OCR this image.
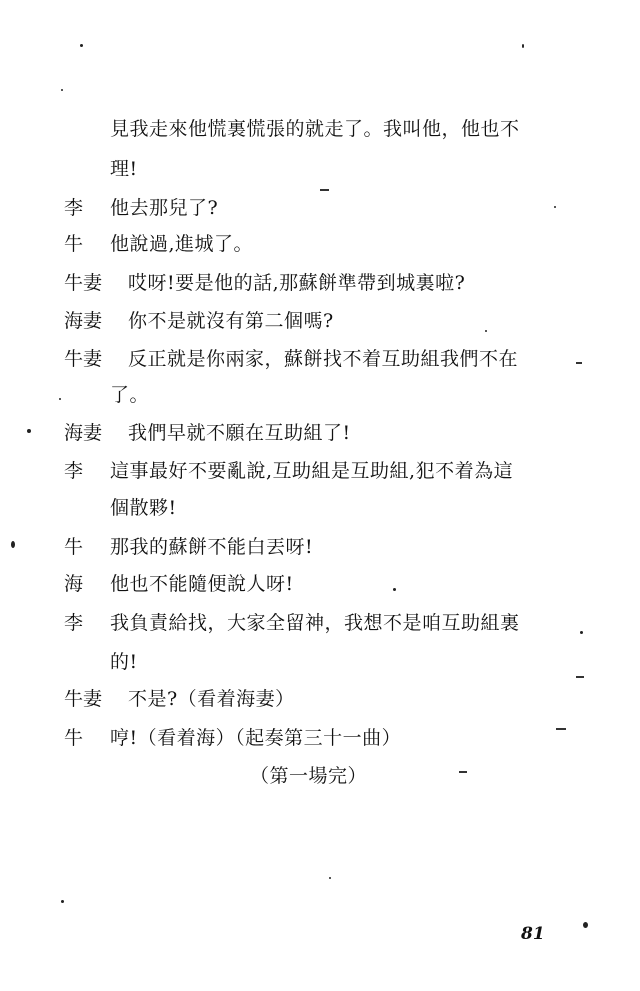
見我走來他慌裏慌張的就走了。我叫他，他也不
理!
李 他去那兒了?
牛 他說過,進城了。
牛妻 哎呀!要是他的話,那蘇餅準帶到城裏啦?
海妻 你不是就沒有第二個嗎?
牛妻 反正就是你兩家，蘇餅找不着互助組我們不在
了。
海妻 我們早就不願在互助組了!
李 這事最好不要亂說,互助組是互助組,犯不着為這
個散夥!
牛 那我的蘇餅不能白丟呀!
海 他也不能隨便說人呀!
李 我負責給找，大家全留神，我想不是咱互助組裏
的!
牛妻 不是?（看着海妻）
牛 哼!（看着海）（起奏第三十一曲）
（第一場完）
81
